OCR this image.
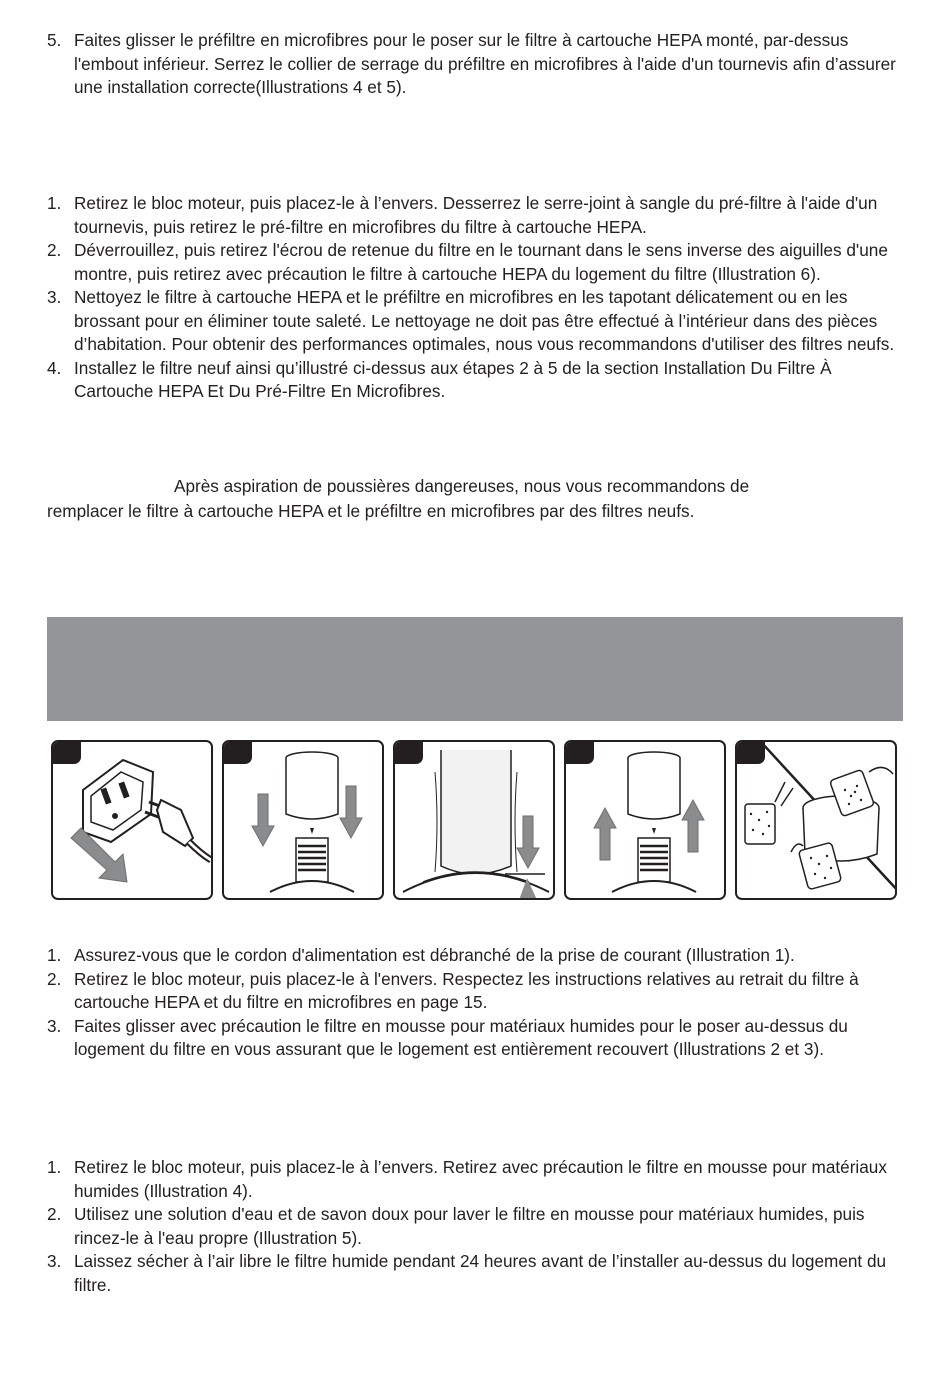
5. Faites glisser le préfiltre en microfibres pour le poser sur le filtre à cartouche HEPA monté, par-dessus l'embout inférieur. Serrez le collier de serrage du préfiltre en microfibres à l'aide d'un tournevis afin d’assurer une installation correcte(Illustrations 4 et 5).
1. Retirez le bloc moteur, puis placez-le à l’envers. Desserrez le serre-joint à sangle du pré-filtre à l'aide d'un tournevis, puis retirez le pré-filtre en microfibres du filtre à cartouche HEPA.
2. Déverrouillez, puis retirez l'écrou de retenue du filtre en le tournant dans le sens inverse des aiguilles d'une montre, puis retirez avec précaution le filtre à cartouche HEPA du logement du filtre (Illustration 6).
3. Nettoyez le filtre à cartouche HEPA et le préfiltre en microfibres en les tapotant délicatement ou en les brossant pour en éliminer toute saleté. Le nettoyage ne doit pas être effectué à l’intérieur dans des pièces d’habitation. Pour obtenir des performances optimales, nous vous recommandons d'utiliser des filtres neufs.
4. Installez le filtre neuf ainsi qu’illustré ci-dessus aux étapes 2 à 5 de la section Installation Du Filtre À Cartouche HEPA Et Du Pré-Filtre En Microfibres.
Après aspiration de poussières dangereuses, nous vous recommandons de
remplacer le filtre à cartouche HEPA et le préfiltre en microfibres par des filtres neufs.
1. Assurez-vous que le cordon d'alimentation est débranché de la prise de courant (Illustration 1).
2. Retirez le bloc moteur, puis placez-le à l'envers. Respectez les instructions relatives au retrait du filtre à cartouche HEPA et du filtre en microfibres en page 15.
3. Faites glisser avec précaution le filtre en mousse pour matériaux humides pour le poser au-dessus du logement du filtre en vous assurant que le logement est entièrement recouvert (Illustrations 2 et 3).
1. Retirez le bloc moteur, puis placez-le à l’envers. Retirez avec précaution le filtre en mousse pour matériaux humides (Illustration 4).
2. Utilisez une solution d'eau et de savon doux pour laver le filtre en mousse pour matériaux humides, puis rincez-le à l'eau propre (Illustration 5).
3. Laissez sécher à l’air libre le filtre humide pendant 24 heures avant de l’installer au-dessus du logement du filtre.
